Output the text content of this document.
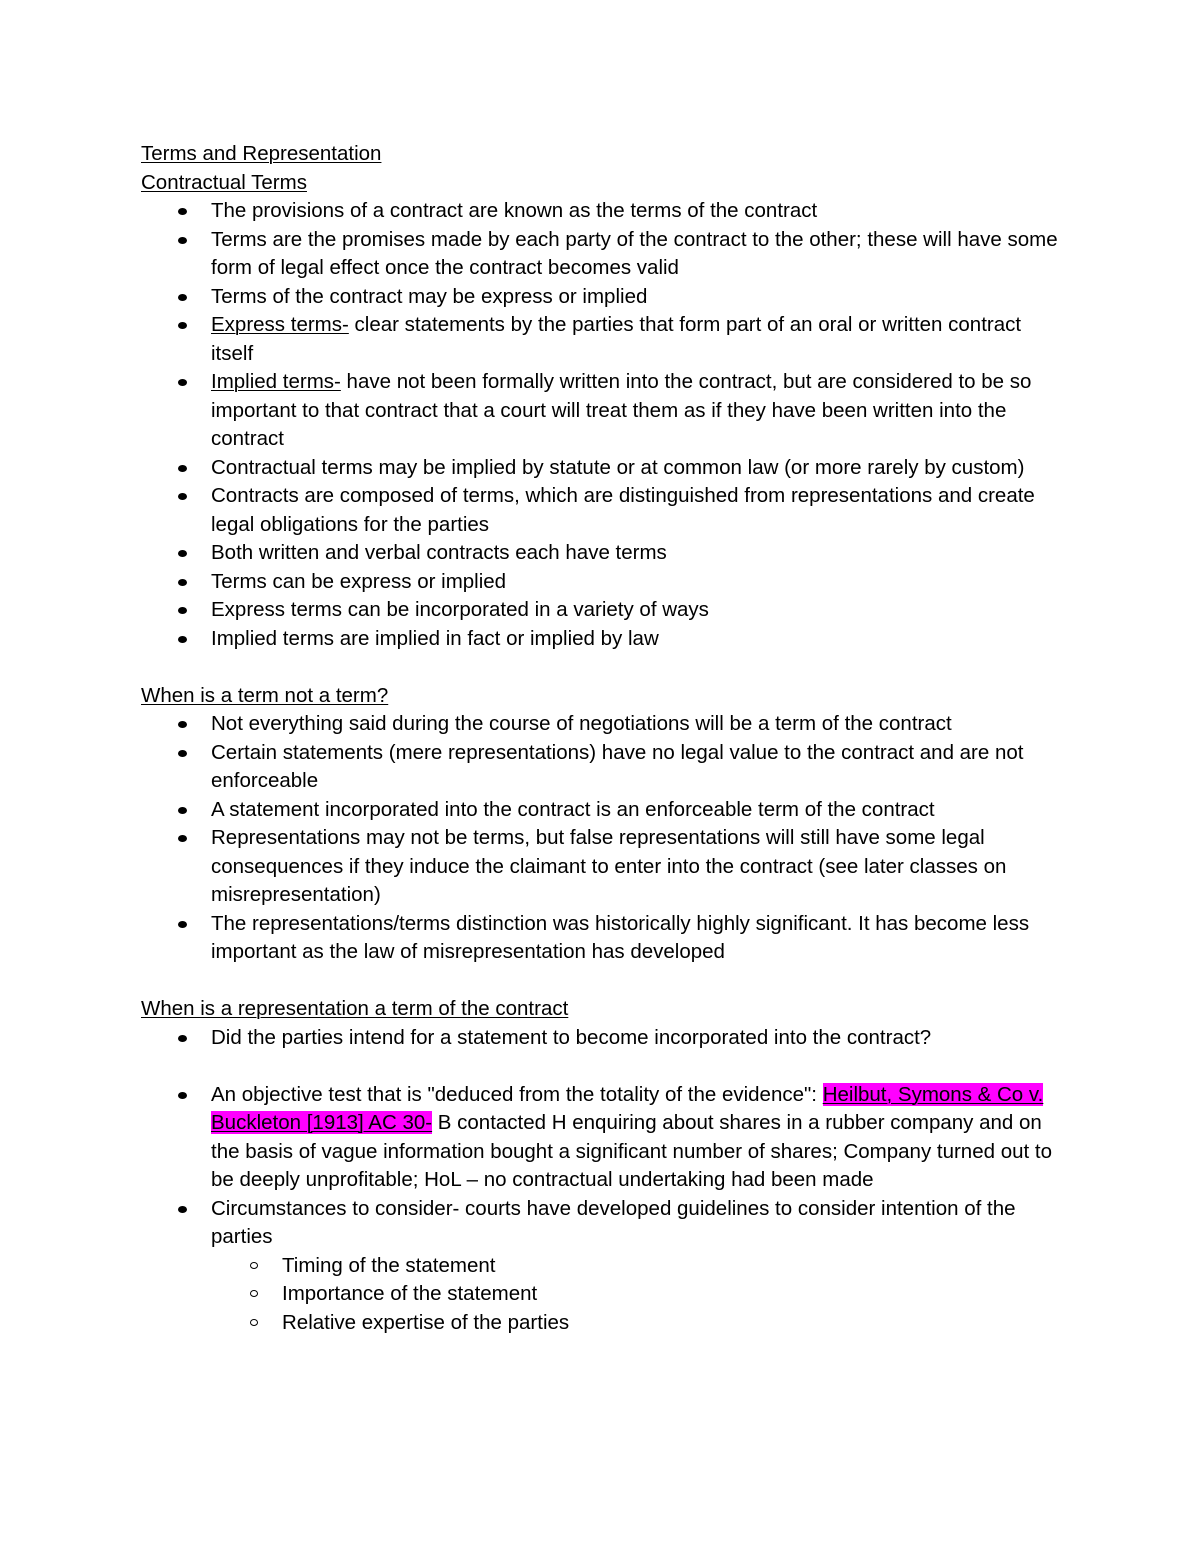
Terms and Representation
Contractual Terms
The provisions of a contract are known as the terms of the contract
Terms are the promises made by each party of the contract to the other; these will have some form of legal effect once the contract becomes valid
Terms of the contract may be express or implied
Express terms- clear statements by the parties that form part of an oral or written contract itself
Implied terms- have not been formally written into the contract, but are considered to be so important to that contract that a court will treat them as if they have been written into the contract
Contractual terms may be implied by statute or at common law (or more rarely by custom)
Contracts are composed of terms, which are distinguished from representations and create legal obligations for the parties
Both written and verbal contracts each have terms
Terms can be express or implied
Express terms can be incorporated in a variety of ways
Implied terms are implied in fact or implied by law
When is a term not a term?
Not everything said during the course of negotiations will be a term of the contract
Certain statements (mere representations) have no legal value to the contract and are not enforceable
A statement incorporated into the contract is an enforceable term of the contract
Representations may not be terms, but false representations will still have some legal consequences if they induce the claimant to enter into the contract (see later classes on misrepresentation)
The representations/terms distinction was historically highly significant. It has become less important as the law of misrepresentation has developed
When is a representation a term of the contract
Did the parties intend for a statement to become incorporated into the contract?
An objective test that is "deduced from the totality of the evidence": Heilbut, Symons & Co v. Buckleton [1913] AC 30- B contacted H enquiring about shares in a rubber company and on the basis of vague information bought a significant number of shares; Company turned out to be deeply unprofitable; HoL – no contractual undertaking had been made
Circumstances to consider- courts have developed guidelines to consider intention of the parties
Timing of the statement
Importance of the statement
Relative expertise of the parties
